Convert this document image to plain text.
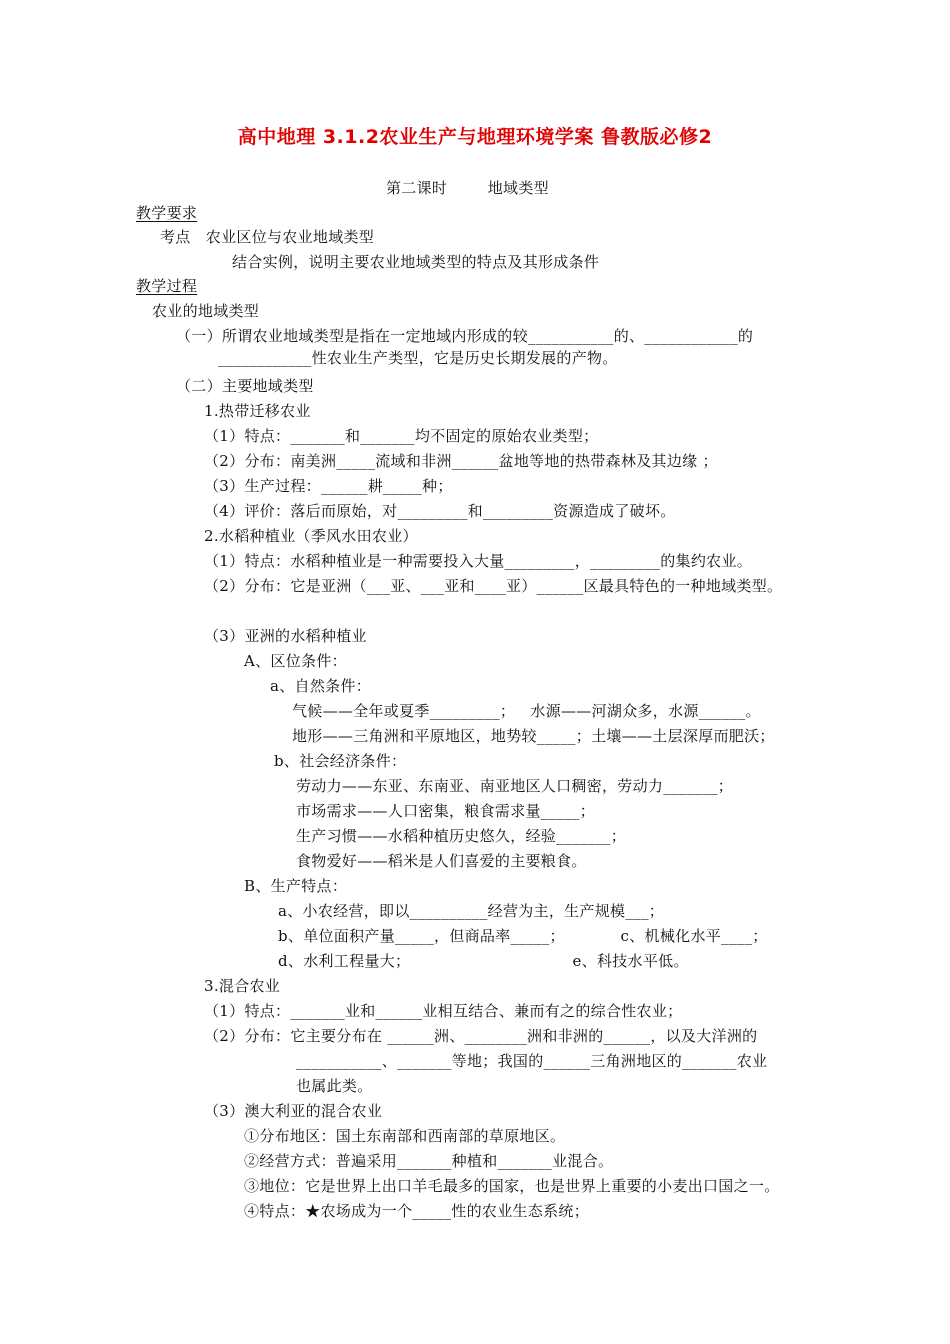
高中地理 3.1.2农业生产与地理环境学案 鲁教版必修2
第二课时        地域类型
教学要求
考点   农业区位与农业地域类型
结合实例，说明主要农业地域类型的特点及其形成条件
教学过程
农业的地域类型
（一）所谓农业地域类型是指在一定地域内形成的较___________的、____________的
____________性农业生产类型，它是历史长期发展的产物。
（二）主要地域类型
1.热带迁移农业
（1）特点：_______和_______均不固定的原始农业类型；
（2）分布：南美洲_____流域和非洲______盆地等地的热带森林及其边缘 ；
（3）生产过程：______耕_____种；
（4）评价：落后而原始，对_________和_________资源造成了破坏。
2.水稻种植业（季风水田农业）
（1）特点：水稻种植业是一种需要投入大量_________，_________的集约农业。
（2）分布：它是亚洲（___亚、___亚和____亚）______区最具特色的一种地域类型。
（3）亚洲的水稻种植业
A、区位条件：
a、自然条件：
气候——全年或夏季_________；   水源——河湖众多，水源______。
地形——三角洲和平原地区，地势较_____；土壤——土层深厚而肥沃；
b、社会经济条件：
劳动力——东亚、东南亚、南亚地区人口稠密，劳动力_______；
市场需求——人口密集，粮食需求量_____；
生产习惯——水稻种植历史悠久，经验_______；
食物爱好——稻米是人们喜爱的主要粮食。
B、生产特点：
a、小农经营，即以__________经营为主，生产规模___；
b、单位面积产量_____，但商品率_____；           c、机械化水平____；
d、水利工程量大；                                e、科技水平低。
3.混合农业
（1）特点：_______业和______业相互结合、兼而有之的综合性农业；
（2）分布：它主要分布在 ______洲、________洲和非洲的______，以及大洋洲的
___________、_______等地；我国的______三角洲地区的_______农业
也属此类。
（3）澳大利亚的混合农业
①分布地区：国土东南部和西南部的草原地区。
②经营方式：普遍采用_______种植和_______业混合。
③地位：它是世界上出口羊毛最多的国家，也是世界上重要的小麦出口国之一。
④特点：★农场成为一个_____性的农业生态系统；
